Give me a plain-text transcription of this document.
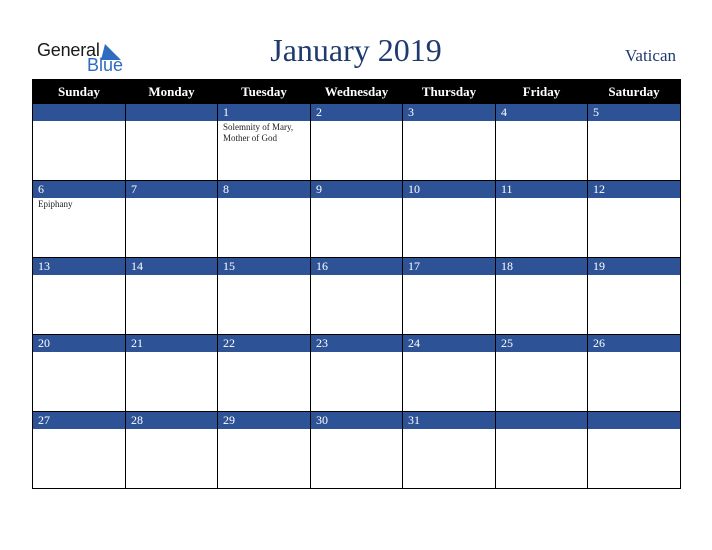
General
Blue	January 2019	Vatican
Sunday	Monday	Tuesday	Wednesday	Thursday	Friday	Saturday
		1	2	3	4	5

		Solemnity of Mary, Mother of God				

6	7	8	9	10	11	12

Epiphany						

13	14	15	16	17	18	19

20	21	22	23	24	25	26

27	28	29	30	31		
